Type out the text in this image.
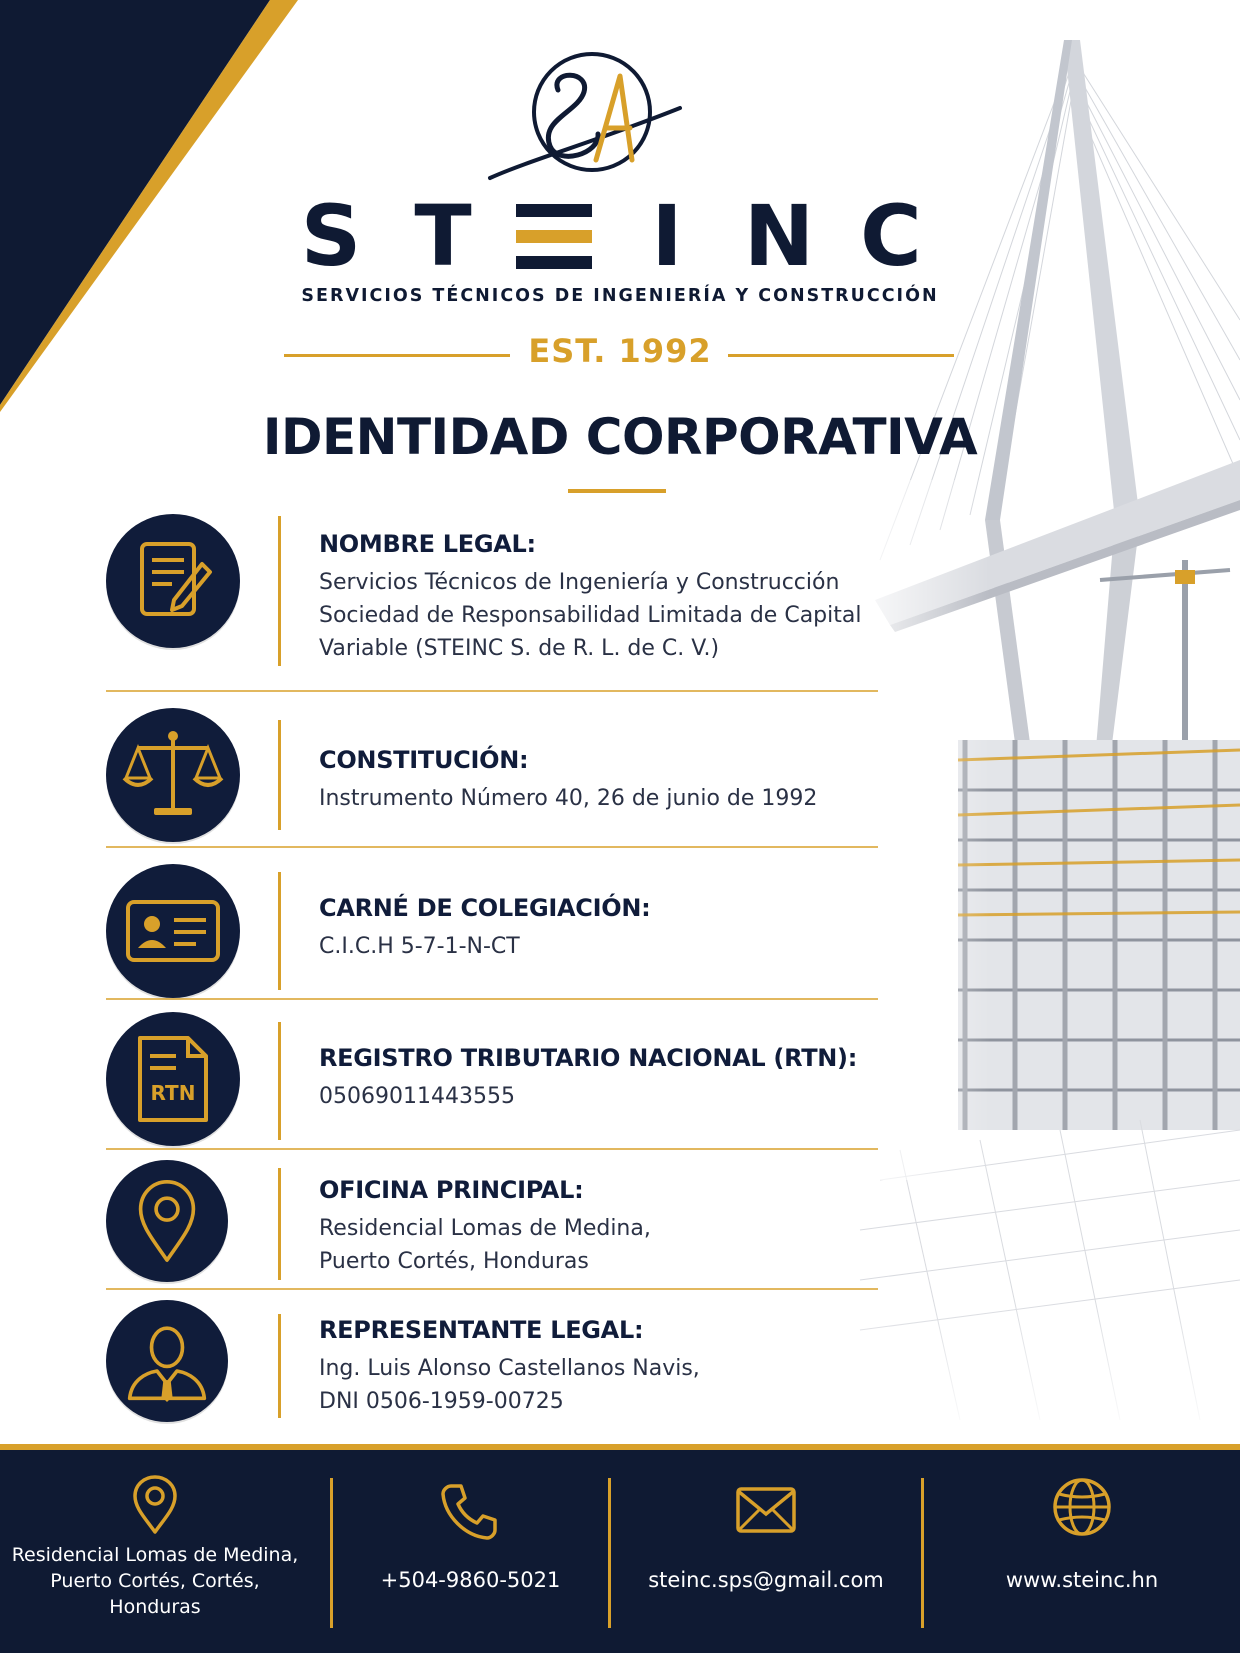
S T	I N C
SERVICIOS TÉCNICOS DE INGENIERÍA Y CONSTRUCCIÓN
EST. 1992
IDENTIDAD CORPORATIVA
NOMBRE LEGAL:
Servicios Técnicos de Ingeniería y Construcción
Sociedad de Responsabilidad Limitada de Capital
Variable (STEINC S. de R. L. de C. V.)
CONSTITUCIÓN:
Instrumento Número 40, 26 de junio de 1992
CARNÉ DE COLEGIACIÓN:
C.I.C.H 5-7-1-N-CT
RTN
REGISTRO TRIBUTARIO NACIONAL (RTN):
05069011443555
OFICINA PRINCIPAL:
Residencial Lomas de Medina,
Puerto Cortés, Honduras
REPRESENTANTE LEGAL:
Ing. Luis Alonso Castellanos Navis,
DNI 0506-1959-00725
Residencial Lomas de Medina,
Puerto Cortés, Cortés,
Honduras
+504-9860-5021	steinc.sps@gmail.com	www.steinc.hn
